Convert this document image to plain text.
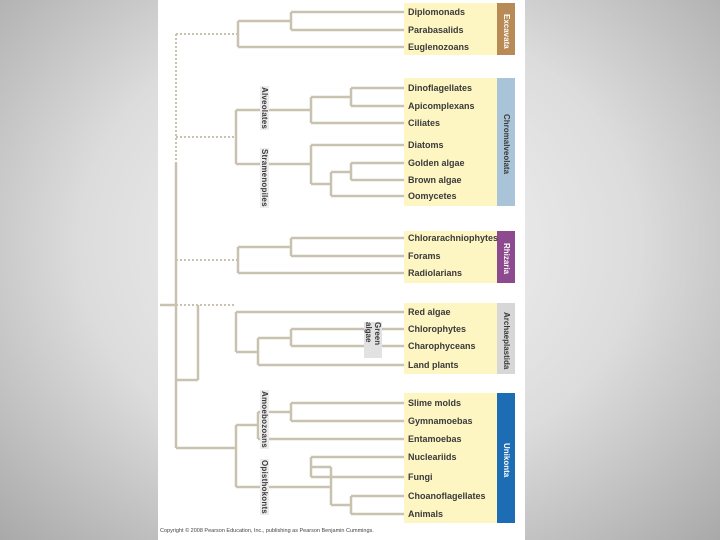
Diplomonads
Parabasalids
Euglenozoans
Dinoflagellates
Apicomplexans
Ciliates
Diatoms
Golden algae
Brown algae
Oomycetes
Chlorarachniophytes
Forams
Radiolarians
Red algae
Chlorophytes
Charophyceans
Land plants
Slime molds
Gymnamoebas
Entamoebas
Nucleariids
Fungi
Choanoflagellates
Animals
Alveolates
Stramenopiles
Green algae
Amoebozoans
Opisthokonts
Excavata
Chromalveolata
Rhizaria
Archaeplastida
Unikonta
Copyright © 2008 Pearson Education, Inc., publishing as Pearson Benjamin Cummings.
